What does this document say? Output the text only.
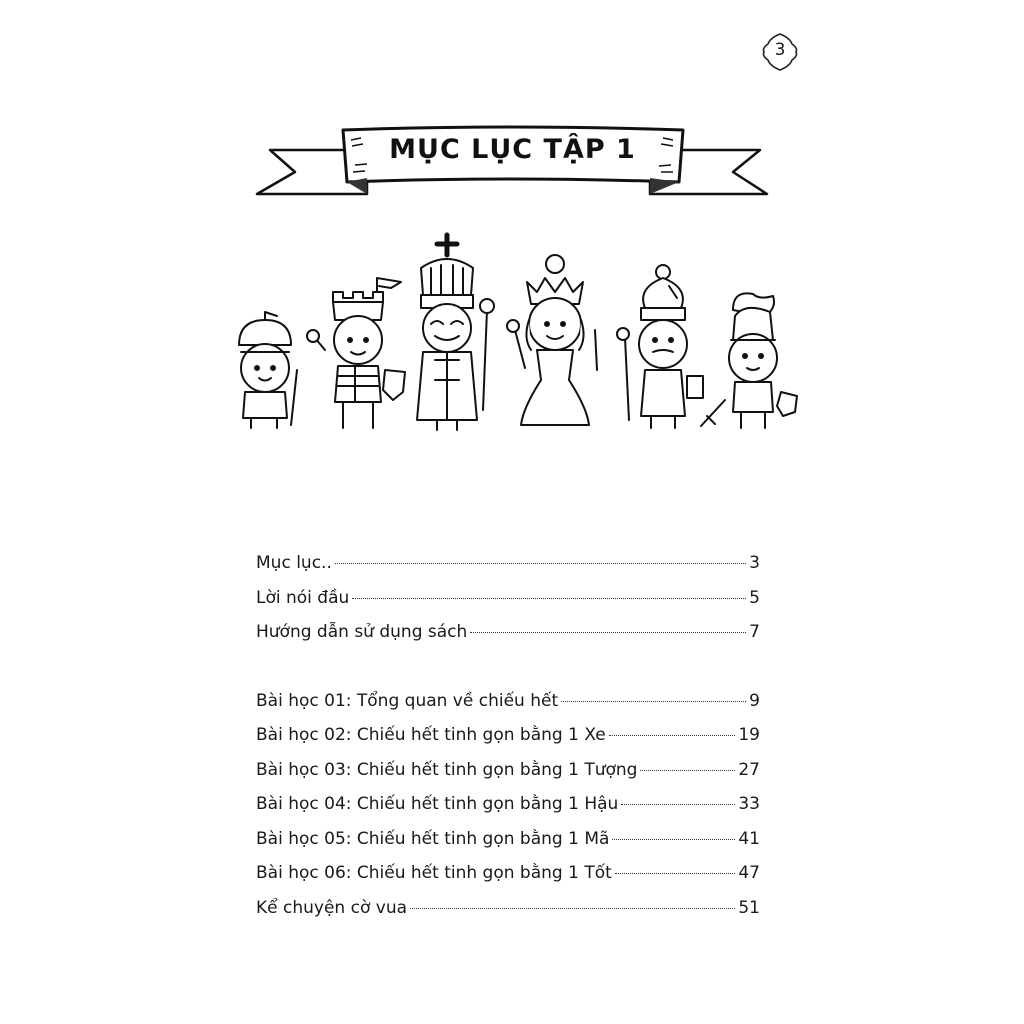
3
MỤC LỤC TẬP 1
Mục lục..	3
Lời nói đầu	5
Hướng dẫn sử dụng sách	7
Bài học 01: Tổng quan về chiếu hết	9
Bài học 02: Chiếu hết tinh gọn bằng 1 Xe	19
Bài học 03: Chiếu hết tinh gọn bằng 1 Tượng	27
Bài học 04: Chiếu hết tinh gọn bằng 1 Hậu	33
Bài học 05: Chiếu hết tinh gọn bằng 1 Mã	41
Bài học 06: Chiếu hết tinh gọn bằng 1 Tốt	47
Kể chuyện cờ vua	51
